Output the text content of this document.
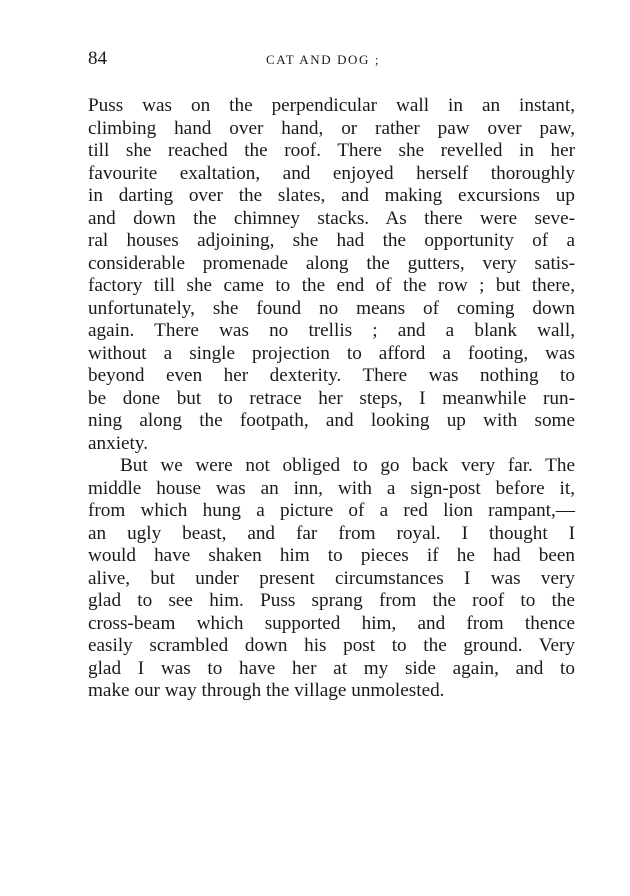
84	CAT AND DOG ;
Puss was on the perpendicular wall in an instant,
climbing hand over hand, or rather paw over paw,
till she reached the roof. There she revelled in her
favourite exaltation, and enjoyed herself thoroughly
in darting over the slates, and making excursions up
and down the chimney stacks. As there were seve-
ral houses adjoining, she had the opportunity of a
considerable promenade along the gutters, very satis-
factory till she came to the end of the row ; but there,
unfortunately, she found no means of coming down
again. There was no trellis ; and a blank wall,
without a single projection to afford a footing, was
beyond even her dexterity. There was nothing to
be done but to retrace her steps, I meanwhile run-
ning along the footpath, and looking up with some
anxiety.
But we were not obliged to go back very far. The
middle house was an inn, with a sign-post before it,
from which hung a picture of a red lion rampant,—
an ugly beast, and far from royal. I thought I
would have shaken him to pieces if he had been
alive, but under present circumstances I was very
glad to see him. Puss sprang from the roof to the
cross-beam which supported him, and from thence
easily scrambled down his post to the ground. Very
glad I was to have her at my side again, and to
make our way through the village unmolested.
